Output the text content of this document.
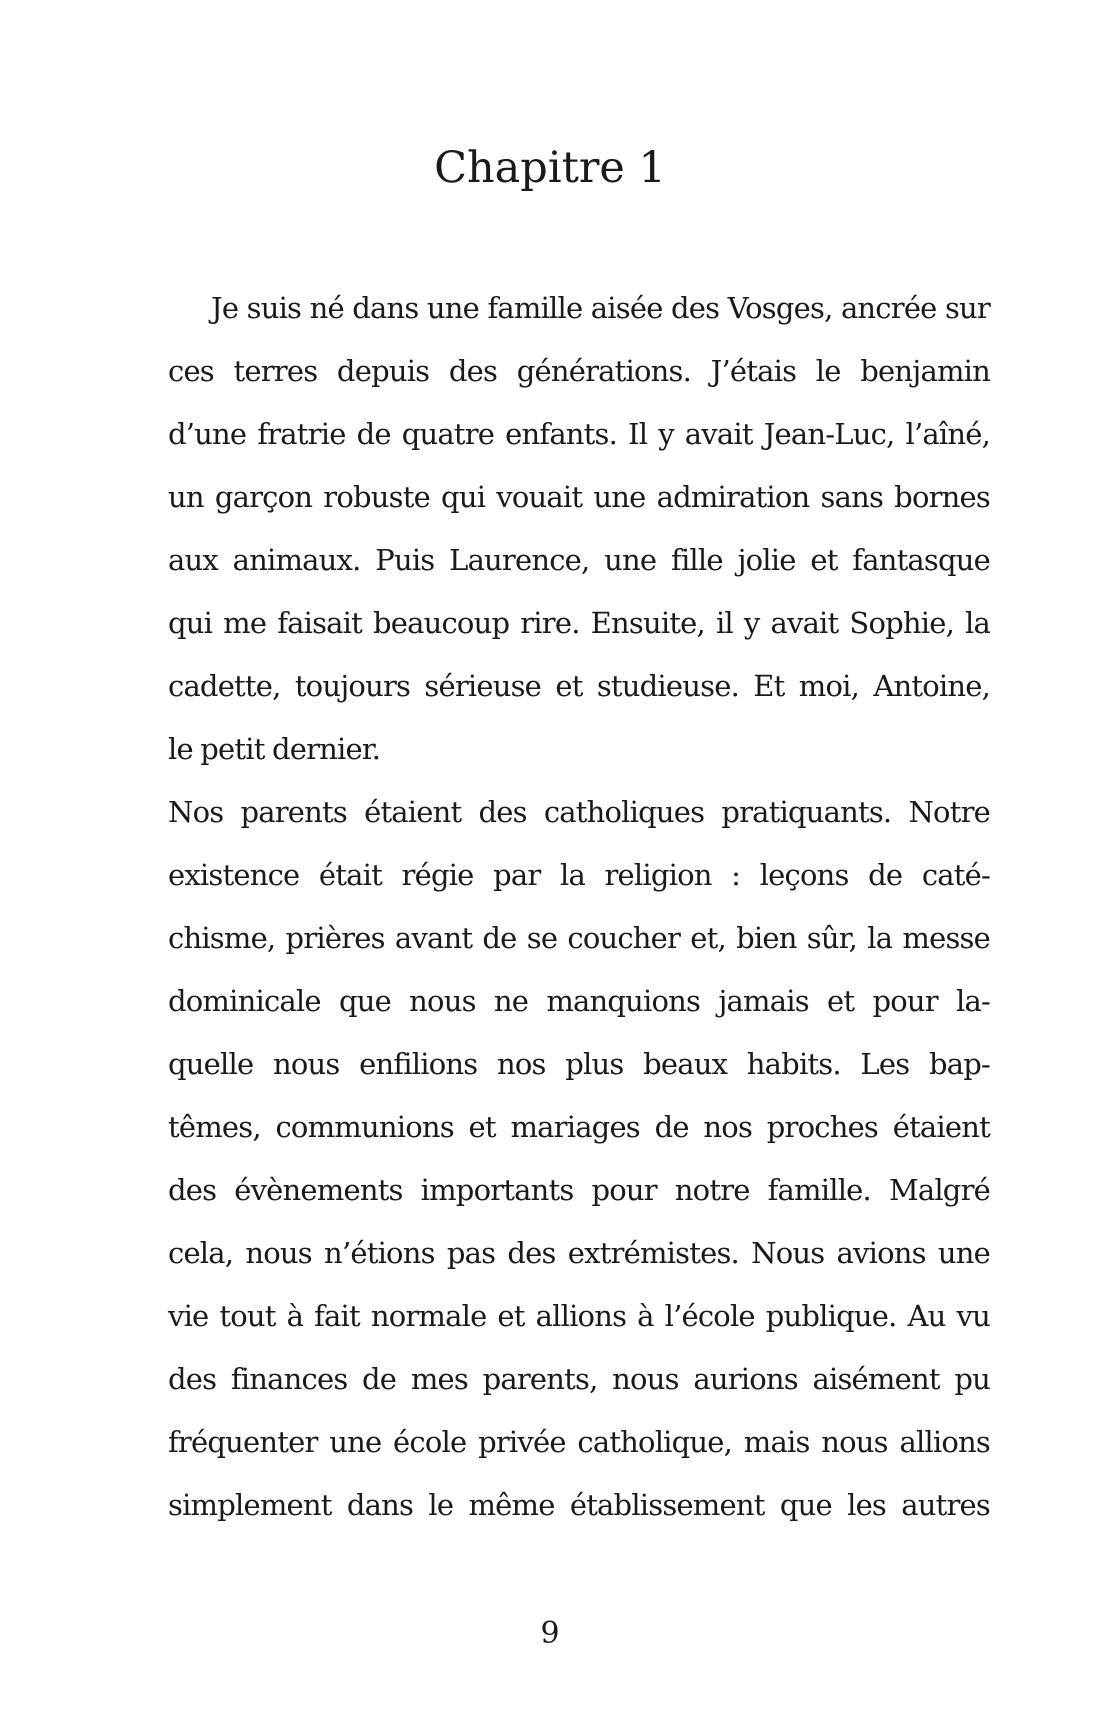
Chapitre 1
Je suis né dans une famille aisée des Vosges, ancrée sur
ces terres depuis des générations. J’étais le benjamin
d’une fratrie de quatre enfants. Il y avait Jean-Luc, l’aîné,
un garçon robuste qui vouait une admiration sans bornes
aux animaux. Puis Laurence, une fille jolie et fantasque
qui me faisait beaucoup rire. Ensuite, il y avait Sophie, la
cadette, toujours sérieuse et studieuse. Et moi, Antoine,
le petit dernier.
Nos parents étaient des catholiques pratiquants. Notre
existence était régie par la religion : leçons de caté-
chisme, prières avant de se coucher et, bien sûr, la messe
dominicale que nous ne manquions jamais et pour la-
quelle nous enfilions nos plus beaux habits. Les bap-
têmes, communions et mariages de nos proches étaient
des évènements importants pour notre famille. Malgré
cela, nous n’étions pas des extrémistes. Nous avions une
vie tout à fait normale et allions à l’école publique. Au vu
des finances de mes parents, nous aurions aisément pu
fréquenter une école privée catholique, mais nous allions
simplement dans le même établissement que les autres
9
